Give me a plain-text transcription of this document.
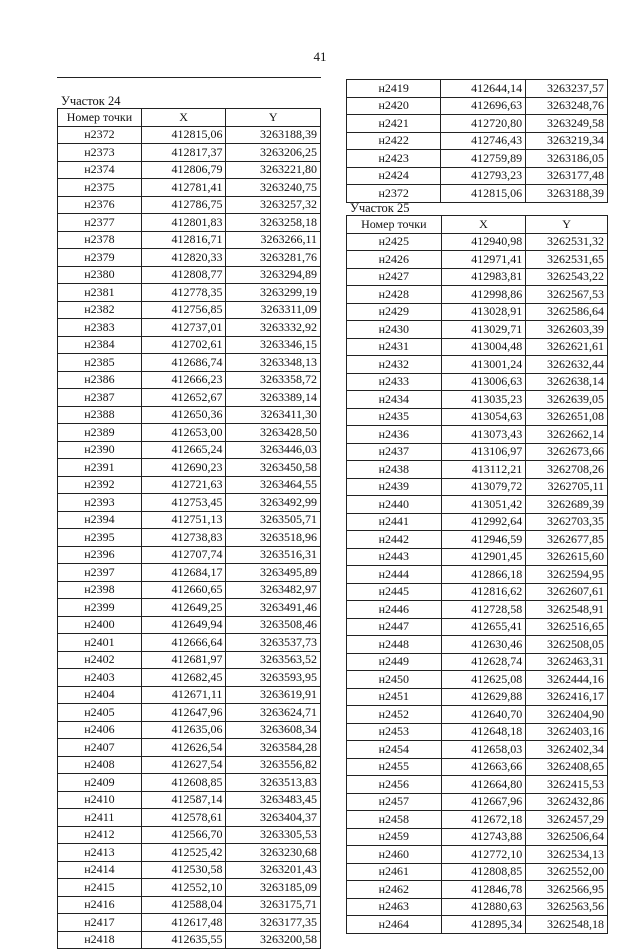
41
Участок 24
Номер точки	X	Y
н2372	412815,06	3263188,39
н2373	412817,37	3263206,25
н2374	412806,79	3263221,80
н2375	412781,41	3263240,75
н2376	412786,75	3263257,32
н2377	412801,83	3263258,18
н2378	412816,71	3263266,11
н2379	412820,33	3263281,76
н2380	412808,77	3263294,89
н2381	412778,35	3263299,19
н2382	412756,85	3263311,09
н2383	412737,01	3263332,92
н2384	412702,61	3263346,15
н2385	412686,74	3263348,13
н2386	412666,23	3263358,72
н2387	412652,67	3263389,14
н2388	412650,36	3263411,30
н2389	412653,00	3263428,50
н2390	412665,24	3263446,03
н2391	412690,23	3263450,58
н2392	412721,63	3263464,55
н2393	412753,45	3263492,99
н2394	412751,13	3263505,71
н2395	412738,83	3263518,96
н2396	412707,74	3263516,31
н2397	412684,17	3263495,89
н2398	412660,65	3263482,97
н2399	412649,25	3263491,46
н2400	412649,94	3263508,46
н2401	412666,64	3263537,73
н2402	412681,97	3263563,52
н2403	412682,45	3263593,95
н2404	412671,11	3263619,91
н2405	412647,96	3263624,71
н2406	412635,06	3263608,34
н2407	412626,54	3263584,28
н2408	412627,54	3263556,82
н2409	412608,85	3263513,83
н2410	412587,14	3263483,45
н2411	412578,61	3263404,37
н2412	412566,70	3263305,53
н2413	412525,42	3263230,68
н2414	412530,58	3263201,43
н2415	412552,10	3263185,09
н2416	412588,04	3263175,71
н2417	412617,48	3263177,35
н2418	412635,55	3263200,58
н2419	412644,14	3263237,57
н2420	412696,63	3263248,76
н2421	412720,80	3263249,58
н2422	412746,43	3263219,34
н2423	412759,89	3263186,05
н2424	412793,23	3263177,48
н2372	412815,06	3263188,39
Участок 25
Номер точки	X	Y
н2425	412940,98	3262531,32
н2426	412971,41	3262531,65
н2427	412983,81	3262543,22
н2428	412998,86	3262567,53
н2429	413028,91	3262586,64
н2430	413029,71	3262603,39
н2431	413004,48	3262621,61
н2432	413001,24	3262632,44
н2433	413006,63	3262638,14
н2434	413035,23	3262639,05
н2435	413054,63	3262651,08
н2436	413073,43	3262662,14
н2437	413106,97	3262673,66
н2438	413112,21	3262708,26
н2439	413079,72	3262705,11
н2440	413051,42	3262689,39
н2441	412992,64	3262703,35
н2442	412946,59	3262677,85
н2443	412901,45	3262615,60
н2444	412866,18	3262594,95
н2445	412816,62	3262607,61
н2446	412728,58	3262548,91
н2447	412655,41	3262516,65
н2448	412630,46	3262508,05
н2449	412628,74	3262463,31
н2450	412625,08	3262444,16
н2451	412629,88	3262416,17
н2452	412640,70	3262404,90
н2453	412648,18	3262403,16
н2454	412658,03	3262402,34
н2455	412663,66	3262408,65
н2456	412664,80	3262415,53
н2457	412667,96	3262432,86
н2458	412672,18	3262457,29
н2459	412743,88	3262506,64
н2460	412772,10	3262534,13
н2461	412808,85	3262552,00
н2462	412846,78	3262566,95
н2463	412880,63	3262563,56
н2464	412895,34	3262548,18
